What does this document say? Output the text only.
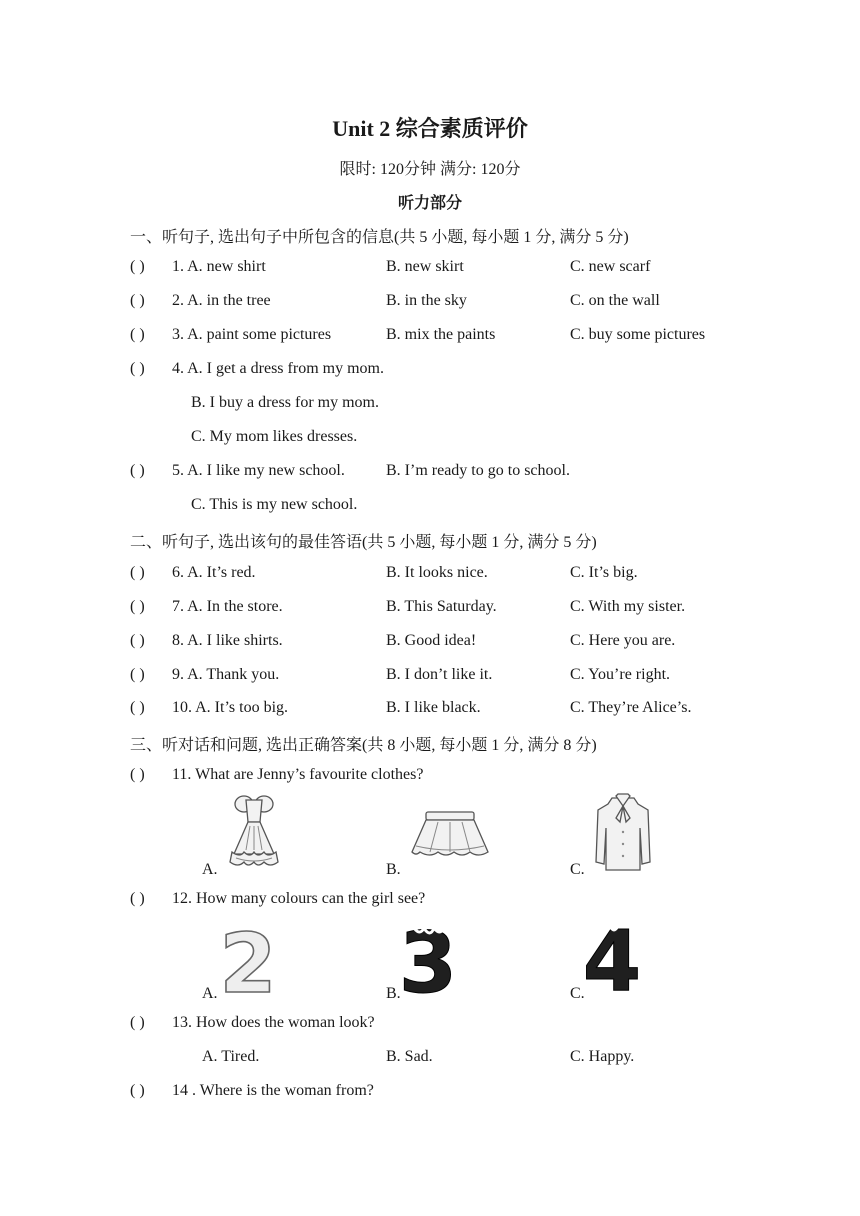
Unit 2 综合素质评价
限时: 120分钟 满分: 120分
听力部分
一、听句子, 选出句子中所包含的信息(共 5 小题, 每小题 1 分, 满分 5 分)
( ) 1. A. new shirt	B. new skirt	C. new scarf
( ) 2. A. in the tree	B. in the sky	C. on the wall
( ) 3. A. paint some pictures	B. mix the paints	C. buy some pictures
( ) 4. A. I get a dress from my mom.
B. I buy a dress for my mom.
C. My mom likes dresses.
( ) 5. A. I like my new school.	B. I’m ready to go to school.
C. This is my new school.
二、听句子, 选出该句的最佳答语(共 5 小题, 每小题 1 分, 满分 5 分)
( ) 6. A. It’s red.	B. It looks nice.	C. It’s big.
( ) 7. A. In the store.	B. This Saturday.	C. With my sister.
( ) 8. A. I like shirts.	B. Good idea!	C. Here you are.
( ) 9. A. Thank you.	B. I don’t like it.	C. You’re right.
( ) 10. A. It’s too big.	B. I like black.	C. They’re Alice’s.
三、听对话和问题, 选出正确答案(共 8 小题, 每小题 1 分, 满分 8 分)
( ) 11. What are Jenny’s favourite clothes?
A.	B.	C.
( ) 12. How many colours can the girl see?
A. 2	B.
3	C.
4
( ) 13. How does the woman look?
A. Tired.	B. Sad.	C. Happy.
( ) 14 . Where is the woman from?
